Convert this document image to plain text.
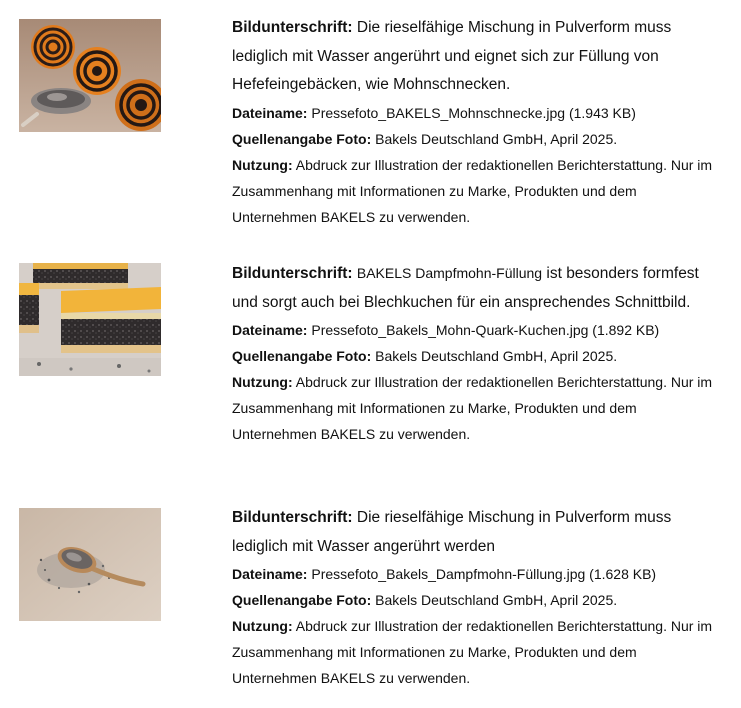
Bildunterschrift: Die rieselfähige Mischung in Pulverform muss lediglich mit Wasser angerührt und eignet sich zur Füllung von Hefefeingebäcken, wie Mohnschnecken.

Dateiname: Pressefoto_BAKELS_Mohnschnecke.jpg (1.943 KB)

Quellenangabe Foto: Bakels Deutschland GmbH, April 2025.

Nutzung: Abdruck zur Illustration der redaktionellen Berichterstattung. Nur im Zusammenhang mit Informationen zu Marke, Produkten und dem Unternehmen BAKELS zu verwenden.

Bildunterschrift: BAKELS Dampfmohn-Füllung ist besonders formfest und sorgt auch bei Blechkuchen für ein ansprechendes Schnittbild.

Dateiname: Pressefoto_Bakels_Mohn-Quark-Kuchen.jpg (1.892 KB)

Quellenangabe Foto: Bakels Deutschland GmbH, April 2025.

Nutzung: Abdruck zur Illustration der redaktionellen Berichterstattung. Nur im Zusammenhang mit Informationen zu Marke, Produkten und dem Unternehmen BAKELS zu verwenden.

Bildunterschrift: Die rieselfähige Mischung in Pulverform muss lediglich mit Wasser angerührt werden

Dateiname: Pressefoto_Bakels_Dampfmohn-Füllung.jpg (1.628 KB)

Quellenangabe Foto: Bakels Deutschland GmbH, April 2025.

Nutzung: Abdruck zur Illustration der redaktionellen Berichterstattung. Nur im Zusammenhang mit Informationen zu Marke, Produkten und dem Unternehmen BAKELS zu verwenden.
